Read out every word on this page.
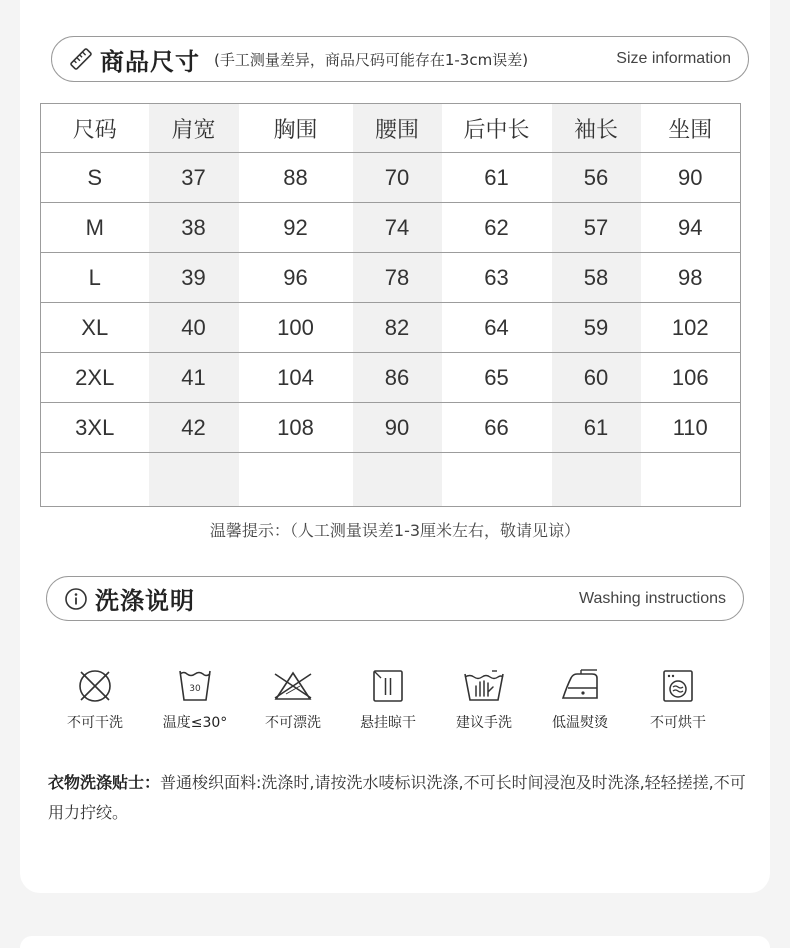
商品尺寸 (手工测量差异，商品尺码可能存在1-3cm误差)	Size information
尺码	肩宽	胸围	腰围	后中长	袖长	坐围
S	37	88	70	61	56	90
M	38	92	74	62	57	94
L	39	96	78	63	58	98
XL	40	100	82	64	59	102
2XL	41	104	86	65	60	106
3XL	42	108	90	66	61	110

温馨提示：（人工测量误差1-3厘米左右，敬请见谅）
洗涤说明	Washing instructions
不可干洗
30
温度≤30°	不可漂洗	悬挂晾干	建议手洗	低温熨烫	不可烘干
衣物洗涤贴士：普通梭织面料:洗涤时,请按洗水唛标识洗涤,不可长时间浸泡及时洗涤,轻轻搓搓,不可用力拧绞。
